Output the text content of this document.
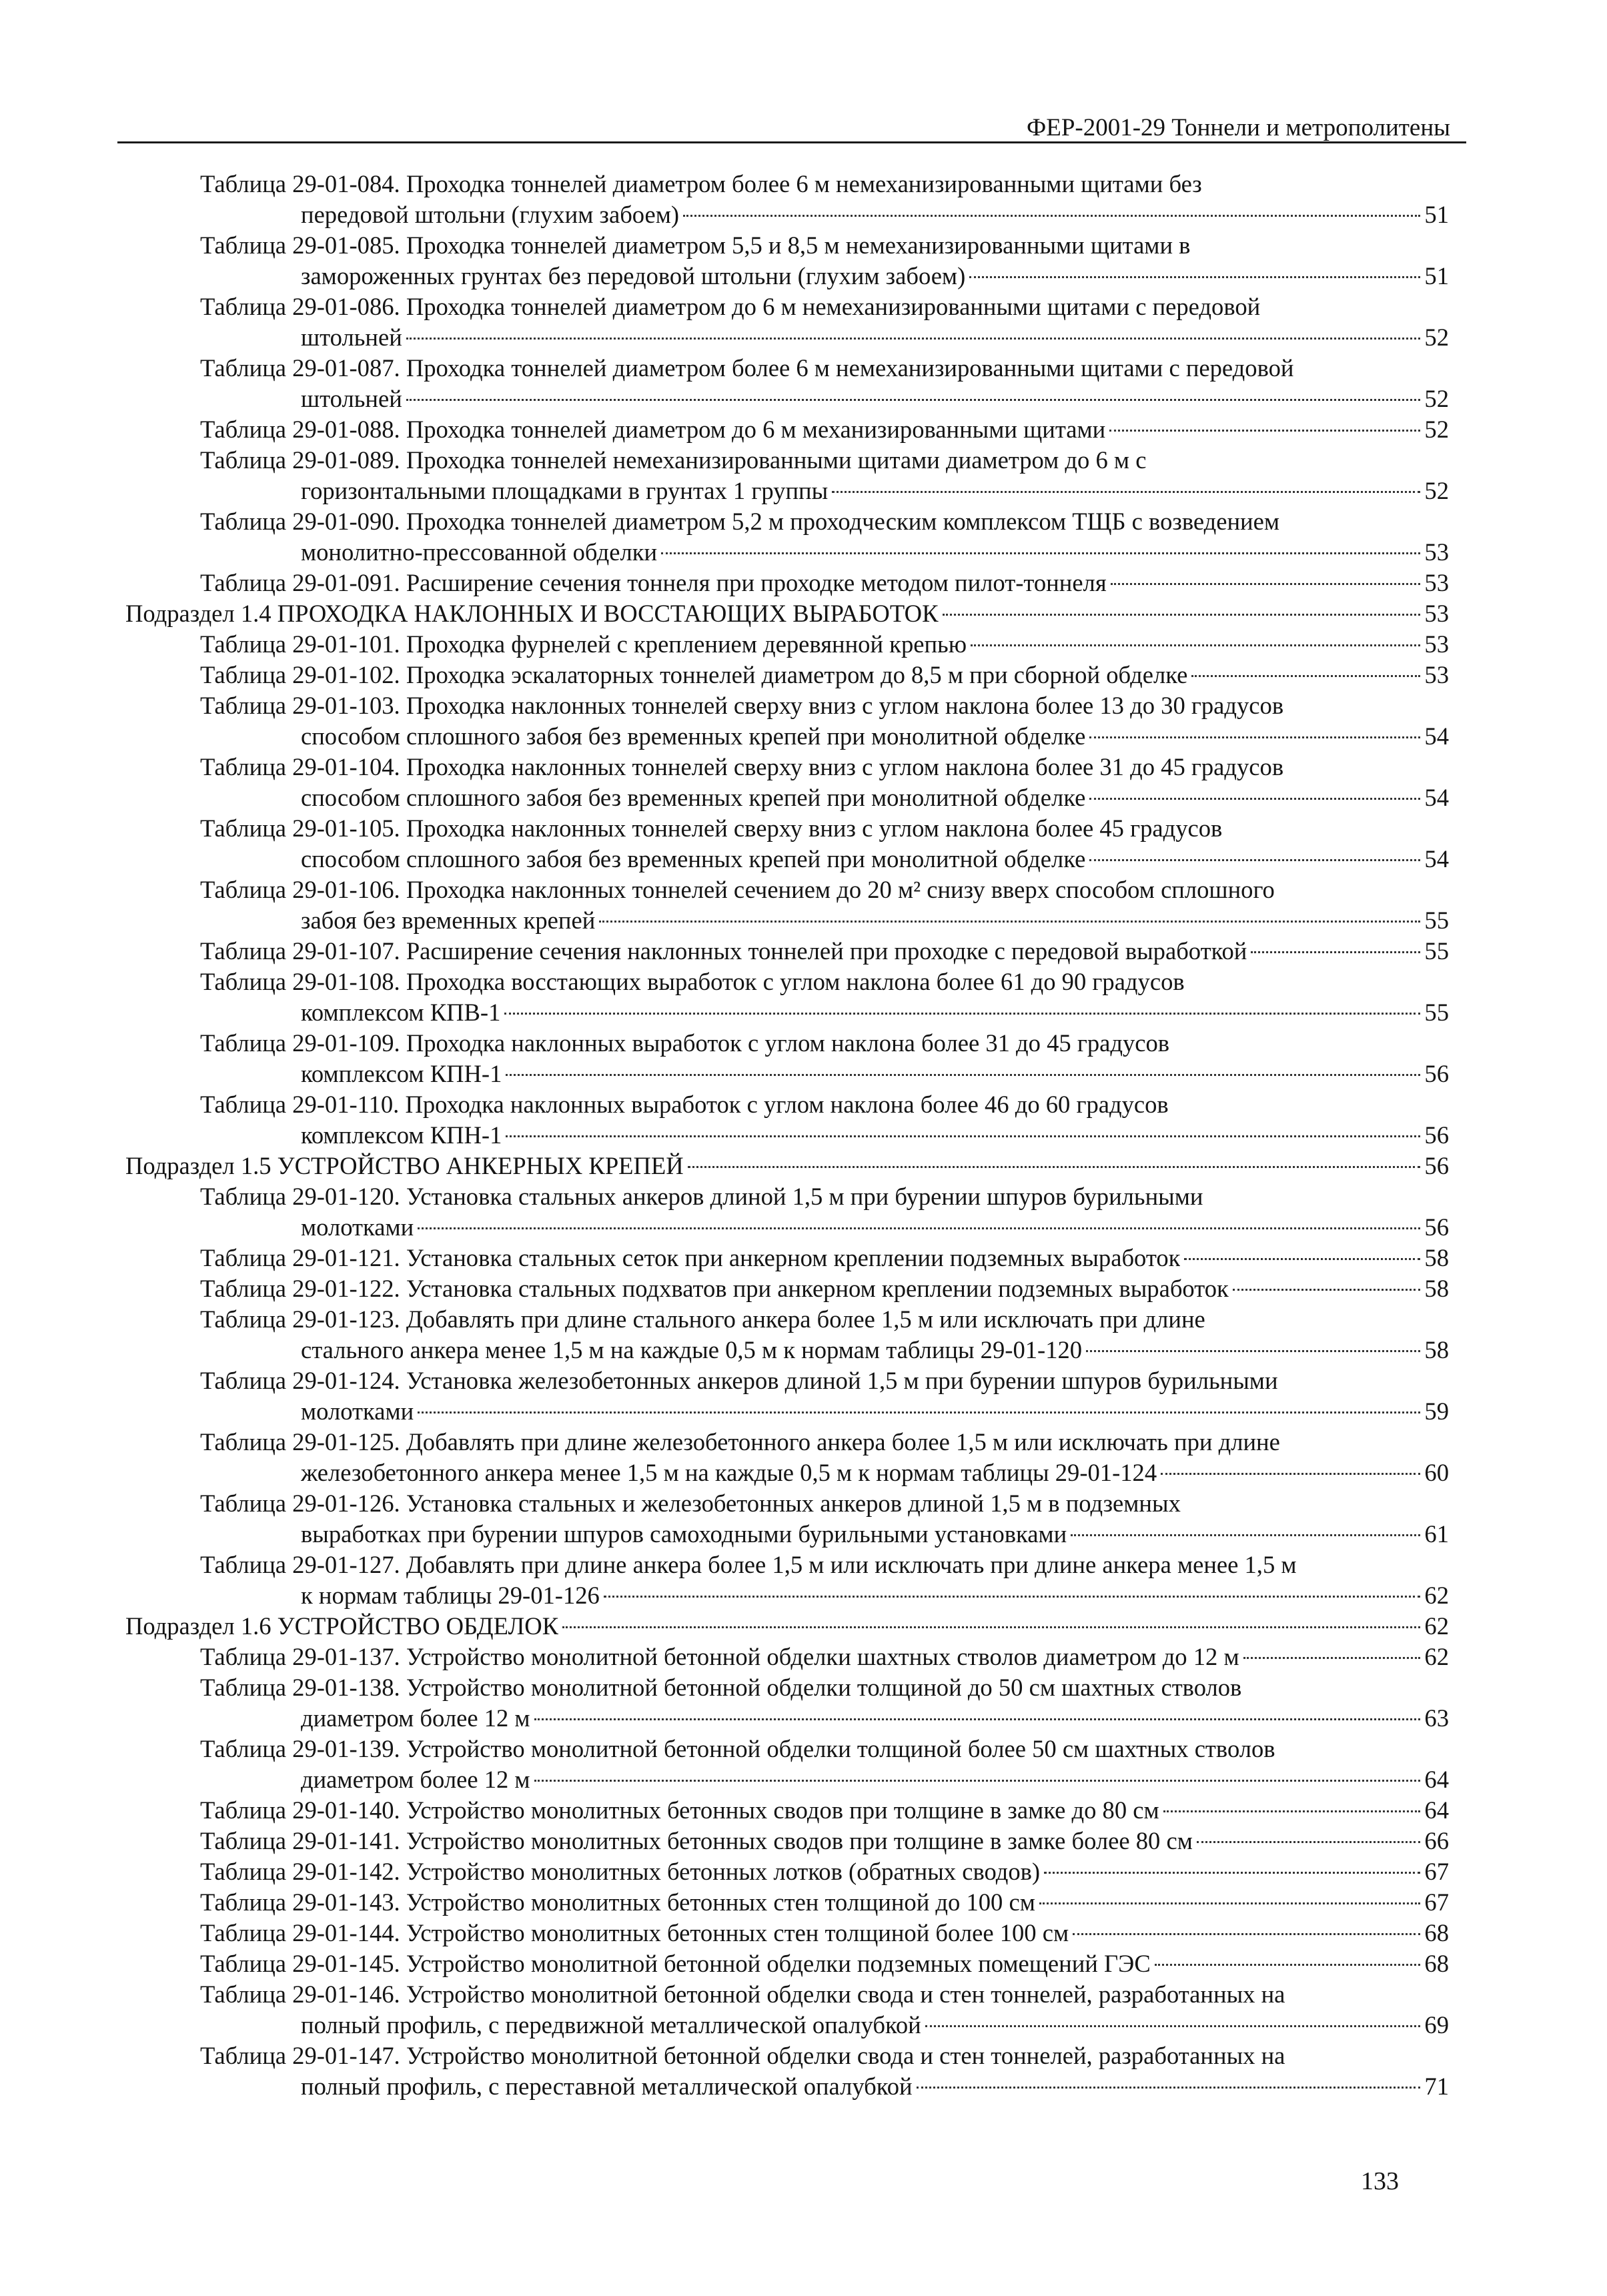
ФЕР-2001-29 Тоннели и метрополитены
Таблица 29-01-084. Проходка тоннелей диаметром более 6 м немеханизированными щитами без
передовой штольни (глухим забоем)	51
Таблица 29-01-085. Проходка тоннелей диаметром 5,5 и 8,5 м немеханизированными щитами в
замороженных грунтах без передовой штольни (глухим забоем)	51
Таблица 29-01-086. Проходка тоннелей диаметром до 6 м немеханизированными щитами с передовой
штольней	52
Таблица 29-01-087. Проходка тоннелей диаметром более 6 м немеханизированными щитами с передовой
штольней	52
Таблица 29-01-088. Проходка тоннелей диаметром до 6 м механизированными щитами	52
Таблица 29-01-089. Проходка тоннелей немеханизированными щитами диаметром до 6 м с
горизонтальными площадками в грунтах 1 группы	52
Таблица 29-01-090. Проходка тоннелей диаметром 5,2 м проходческим комплексом ТЩБ с возведением
монолитно-прессованной обделки	53
Таблица 29-01-091. Расширение сечения тоннеля при проходке методом пилот-тоннеля	53
Подраздел 1.4 ПРОХОДКА НАКЛОННЫХ И ВОССТАЮЩИХ ВЫРАБОТОК	53
Таблица 29-01-101. Проходка фурнелей с креплением деревянной крепью	53
Таблица 29-01-102. Проходка эскалаторных тоннелей диаметром до 8,5 м при сборной обделке	53
Таблица 29-01-103. Проходка наклонных тоннелей сверху вниз с углом наклона более 13 до 30 градусов
способом сплошного забоя без временных крепей при монолитной обделке	54
Таблица 29-01-104. Проходка наклонных тоннелей сверху вниз с углом наклона более 31 до 45 градусов
способом сплошного забоя без временных крепей при монолитной обделке	54
Таблица 29-01-105. Проходка наклонных тоннелей сверху вниз с углом наклона более 45 градусов
способом сплошного забоя без временных крепей при монолитной обделке	54
Таблица 29-01-106. Проходка наклонных тоннелей сечением до 20 м² снизу вверх способом сплошного
забоя без временных крепей	55
Таблица 29-01-107. Расширение сечения наклонных тоннелей при проходке с передовой выработкой	55
Таблица 29-01-108. Проходка восстающих выработок с углом наклона более 61 до 90 градусов
комплексом КПВ-1	55
Таблица 29-01-109. Проходка наклонных выработок с углом наклона более 31 до 45 градусов
комплексом КПН-1	56
Таблица 29-01-110. Проходка наклонных выработок с углом наклона более 46 до 60 градусов
комплексом КПН-1	56
Подраздел 1.5 УСТРОЙСТВО АНКЕРНЫХ КРЕПЕЙ	56
Таблица 29-01-120. Установка стальных анкеров длиной 1,5 м при бурении шпуров бурильными
молотками	56
Таблица 29-01-121. Установка стальных сеток при анкерном креплении подземных выработок	58
Таблица 29-01-122. Установка стальных подхватов при анкерном креплении подземных выработок	58
Таблица 29-01-123. Добавлять при длине стального анкера более 1,5 м или исключать при длине
стального анкера менее 1,5 м на каждые 0,5 м к нормам таблицы 29-01-120	58
Таблица 29-01-124. Установка железобетонных анкеров длиной 1,5 м при бурении шпуров бурильными
молотками	59
Таблица 29-01-125. Добавлять при длине железобетонного анкера более 1,5 м или исключать при длине
железобетонного анкера менее 1,5 м на каждые 0,5 м к нормам таблицы 29-01-124	60
Таблица 29-01-126. Установка стальных и железобетонных анкеров длиной 1,5 м в подземных
выработках при бурении шпуров самоходными бурильными установками	61
Таблица 29-01-127. Добавлять при длине анкера более 1,5 м или исключать при длине анкера менее 1,5 м
к нормам таблицы 29-01-126	62
Подраздел 1.6 УСТРОЙСТВО ОБДЕЛОК	62
Таблица 29-01-137. Устройство монолитной бетонной обделки шахтных стволов диаметром до 12 м	62
Таблица 29-01-138. Устройство монолитной бетонной обделки толщиной до 50 см шахтных стволов
диаметром более 12 м	63
Таблица 29-01-139. Устройство монолитной бетонной обделки толщиной более 50 см шахтных стволов
диаметром более 12 м	64
Таблица 29-01-140. Устройство монолитных бетонных сводов при толщине в замке до 80 см	64
Таблица 29-01-141. Устройство монолитных бетонных сводов при толщине в замке более 80 см	66
Таблица 29-01-142. Устройство монолитных бетонных лотков (обратных сводов)	67
Таблица 29-01-143. Устройство монолитных бетонных стен толщиной до 100 см	67
Таблица 29-01-144. Устройство монолитных бетонных стен толщиной более 100 см	68
Таблица 29-01-145. Устройство монолитной бетонной обделки подземных помещений ГЭС	68
Таблица 29-01-146. Устройство монолитной бетонной обделки свода и стен тоннелей, разработанных на
полный профиль, с передвижной металлической опалубкой	69
Таблица 29-01-147. Устройство монолитной бетонной обделки свода и стен тоннелей, разработанных на
полный профиль, с переставной металлической опалубкой	71
133
